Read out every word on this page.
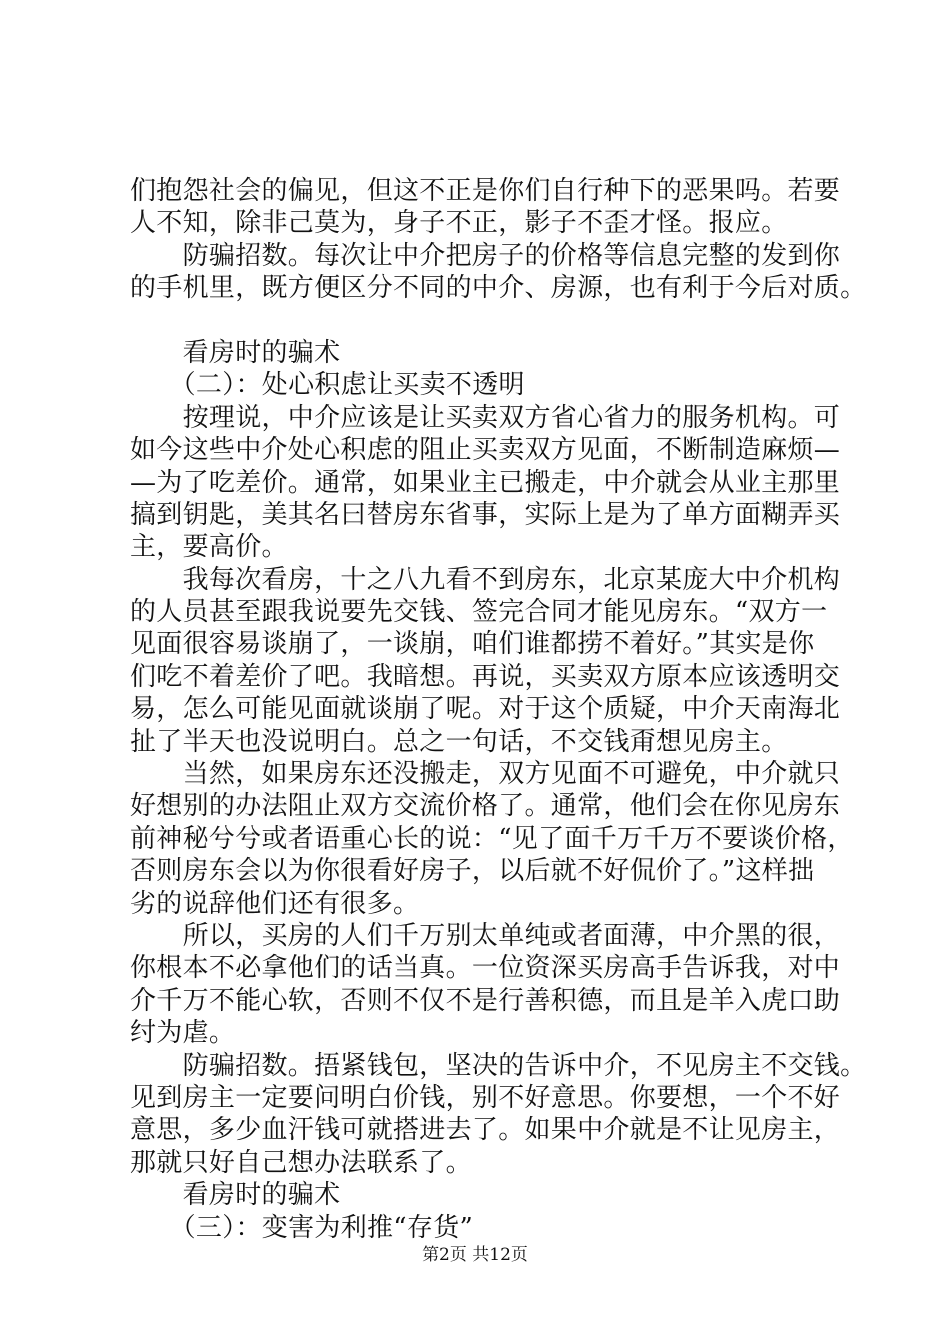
们抱怨社会的偏见，但这不正是你们自行种下的恶果吗。若要
人不知，除非己莫为，身子不正，影子不歪才怪。报应。
　　防骗招数。每次让中介把房子的价格等信息完整的发到你
的手机里，既方便区分不同的中介、房源，也有利于今后对质。
　　看房时的骗术
　　（二）：处心积虑让买卖不透明
　　按理说，中介应该是让买卖双方省心省力的服务机构。可
如今这些中介处心积虑的阻止买卖双方见面，不断制造麻烦—
—为了吃差价。通常，如果业主已搬走，中介就会从业主那里
搞到钥匙，美其名曰替房东省事，实际上是为了单方面糊弄买
主，要高价。
　　我每次看房，十之八九看不到房东，北京某庞大中介机构
的人员甚至跟我说要先交钱、签完合同才能见房东。“双方一
见面很容易谈崩了，一谈崩，咱们谁都捞不着好。”其实是你
们吃不着差价了吧。我暗想。再说，买卖双方原本应该透明交
易，怎么可能见面就谈崩了呢。对于这个质疑，中介天南海北
扯了半天也没说明白。总之一句话，不交钱甭想见房主。
　　当然，如果房东还没搬走，双方见面不可避免，中介就只
好想别的办法阻止双方交流价格了。通常，他们会在你见房东
前神秘兮兮或者语重心长的说：“见了面千万千万不要谈价格，
否则房东会以为你很看好房子，以后就不好侃价了。”这样拙
劣的说辞他们还有很多。
　　所以，买房的人们千万别太单纯或者面薄，中介黑的很，
你根本不必拿他们的话当真。一位资深买房高手告诉我，对中
介千万不能心软，否则不仅不是行善积德，而且是羊入虎口助
纣为虐。
　　防骗招数。捂紧钱包，坚决的告诉中介，不见房主不交钱。
见到房主一定要问明白价钱，别不好意思。你要想，一个不好
意思，多少血汗钱可就搭进去了。如果中介就是不让见房主，
那就只好自己想办法联系了。
　　看房时的骗术
　　（三）：变害为利推“存货”
第2页 共12页
